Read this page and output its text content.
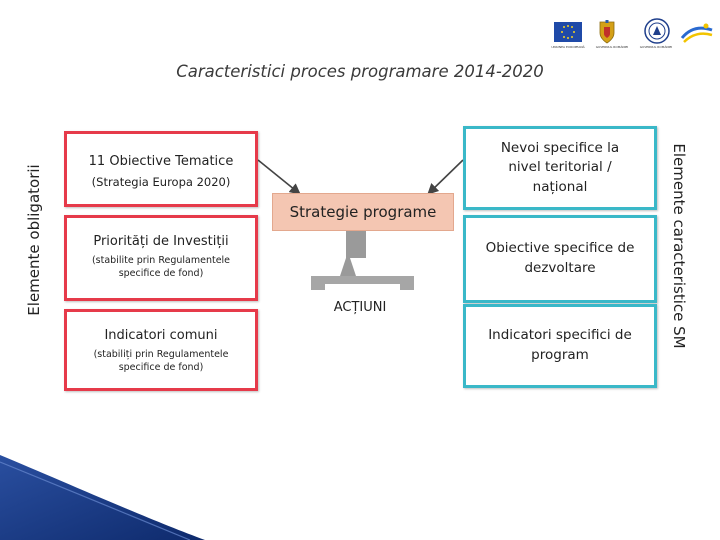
UNIUNEA EUROPEANĂ	GUVERNUL ROMÂNIEI	GUVERNUL ROMÂNIEI
Caracteristici proces programare 2014-2020
Elemente obligatorii	Elemente caracteristice SM
11 Obiective Tematice
(Strategia Europa 2020)
Priorități de Investiții
(stabilite prin Regulamentele specifice de fond)
Indicatori comuni
(stabiliți prin Regulamentele specifice de fond)
Nevoi specifice la nivel teritorial / național
Obiective specifice de dezvoltare
Indicatori specifici de program
Strategie programe
ACȚIUNI
